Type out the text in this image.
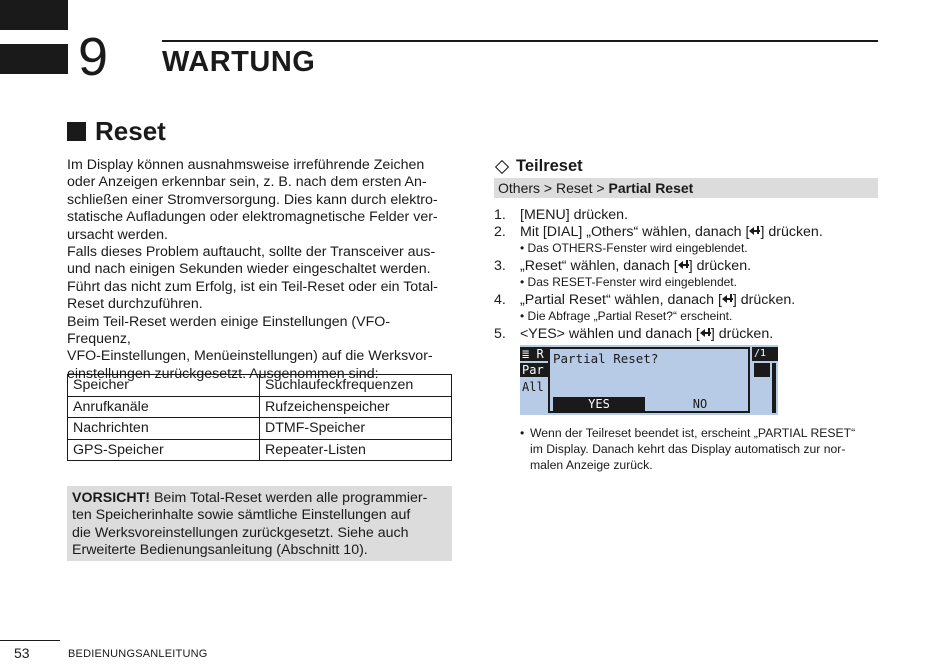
9 WARTUNG
Reset

Im Display können ausnahmsweise irreführende Zeichen

oder Anzeigen erkennbar sein, z. B. nach dem ersten An-

schließen einer Stromversorgung. Dies kann durch elektro-

statische Aufladungen oder elektromagnetische Felder ver-

ursacht werden.

Falls dieses Problem auftaucht, sollte der Transceiver aus-

und nach einigen Sekunden wieder eingeschaltet werden.

Führt das nicht zum Erfolg, ist ein Teil-Reset oder ein Total-

Reset durchzuführen.

Beim Teil-Reset werden einige Einstellungen (VFO-Frequenz,

VFO-Einstellungen, Menüeinstellungen) auf die Werksvor-

einstellungen zurückgesetzt. Ausgenommen sind:

Speicher	Suchlaufeckfrequenzen
Anrufkanäle	Rufzeichenspeicher
Nachrichten	DTMF-Speicher
GPS-Speicher	Repeater-Listen
VORSICHT! Beim Total-Reset werden alle programmier-
ten Speicherinhalte sowie sämtliche Einstellungen auf
die Werksvoreinstellungen zurückgesetzt. Siehe auch
Erweiterte Bedienungsanleitung (Abschnitt 10).
Teilreset
Others > Reset > Partial Reset
1. [MENU] drücken.
2. Mit [DIAL] „Others“ wählen, danach [ ] drücken.
• Das OTHERS-Fenster wird eingeblendet.
3. „Reset“ wählen, danach [ ] drücken.
• Das RESET-Fenster wird eingeblendet.
4. „Partial Reset“ wählen, danach [ ] drücken.
• Die Abfrage „Partial Reset?“ erscheint.
5. <YES> wählen und danach [ ] drücken.
≣ R
Par
All
Partial Reset?
YES	NO
/1
• Wenn der Teilreset beendet ist, erscheint „PARTIAL RESET“
im Display. Danach kehrt das Display automatisch zur nor-
malen Anzeige zurück.
53	BEDIENUNGSANLEITUNG
